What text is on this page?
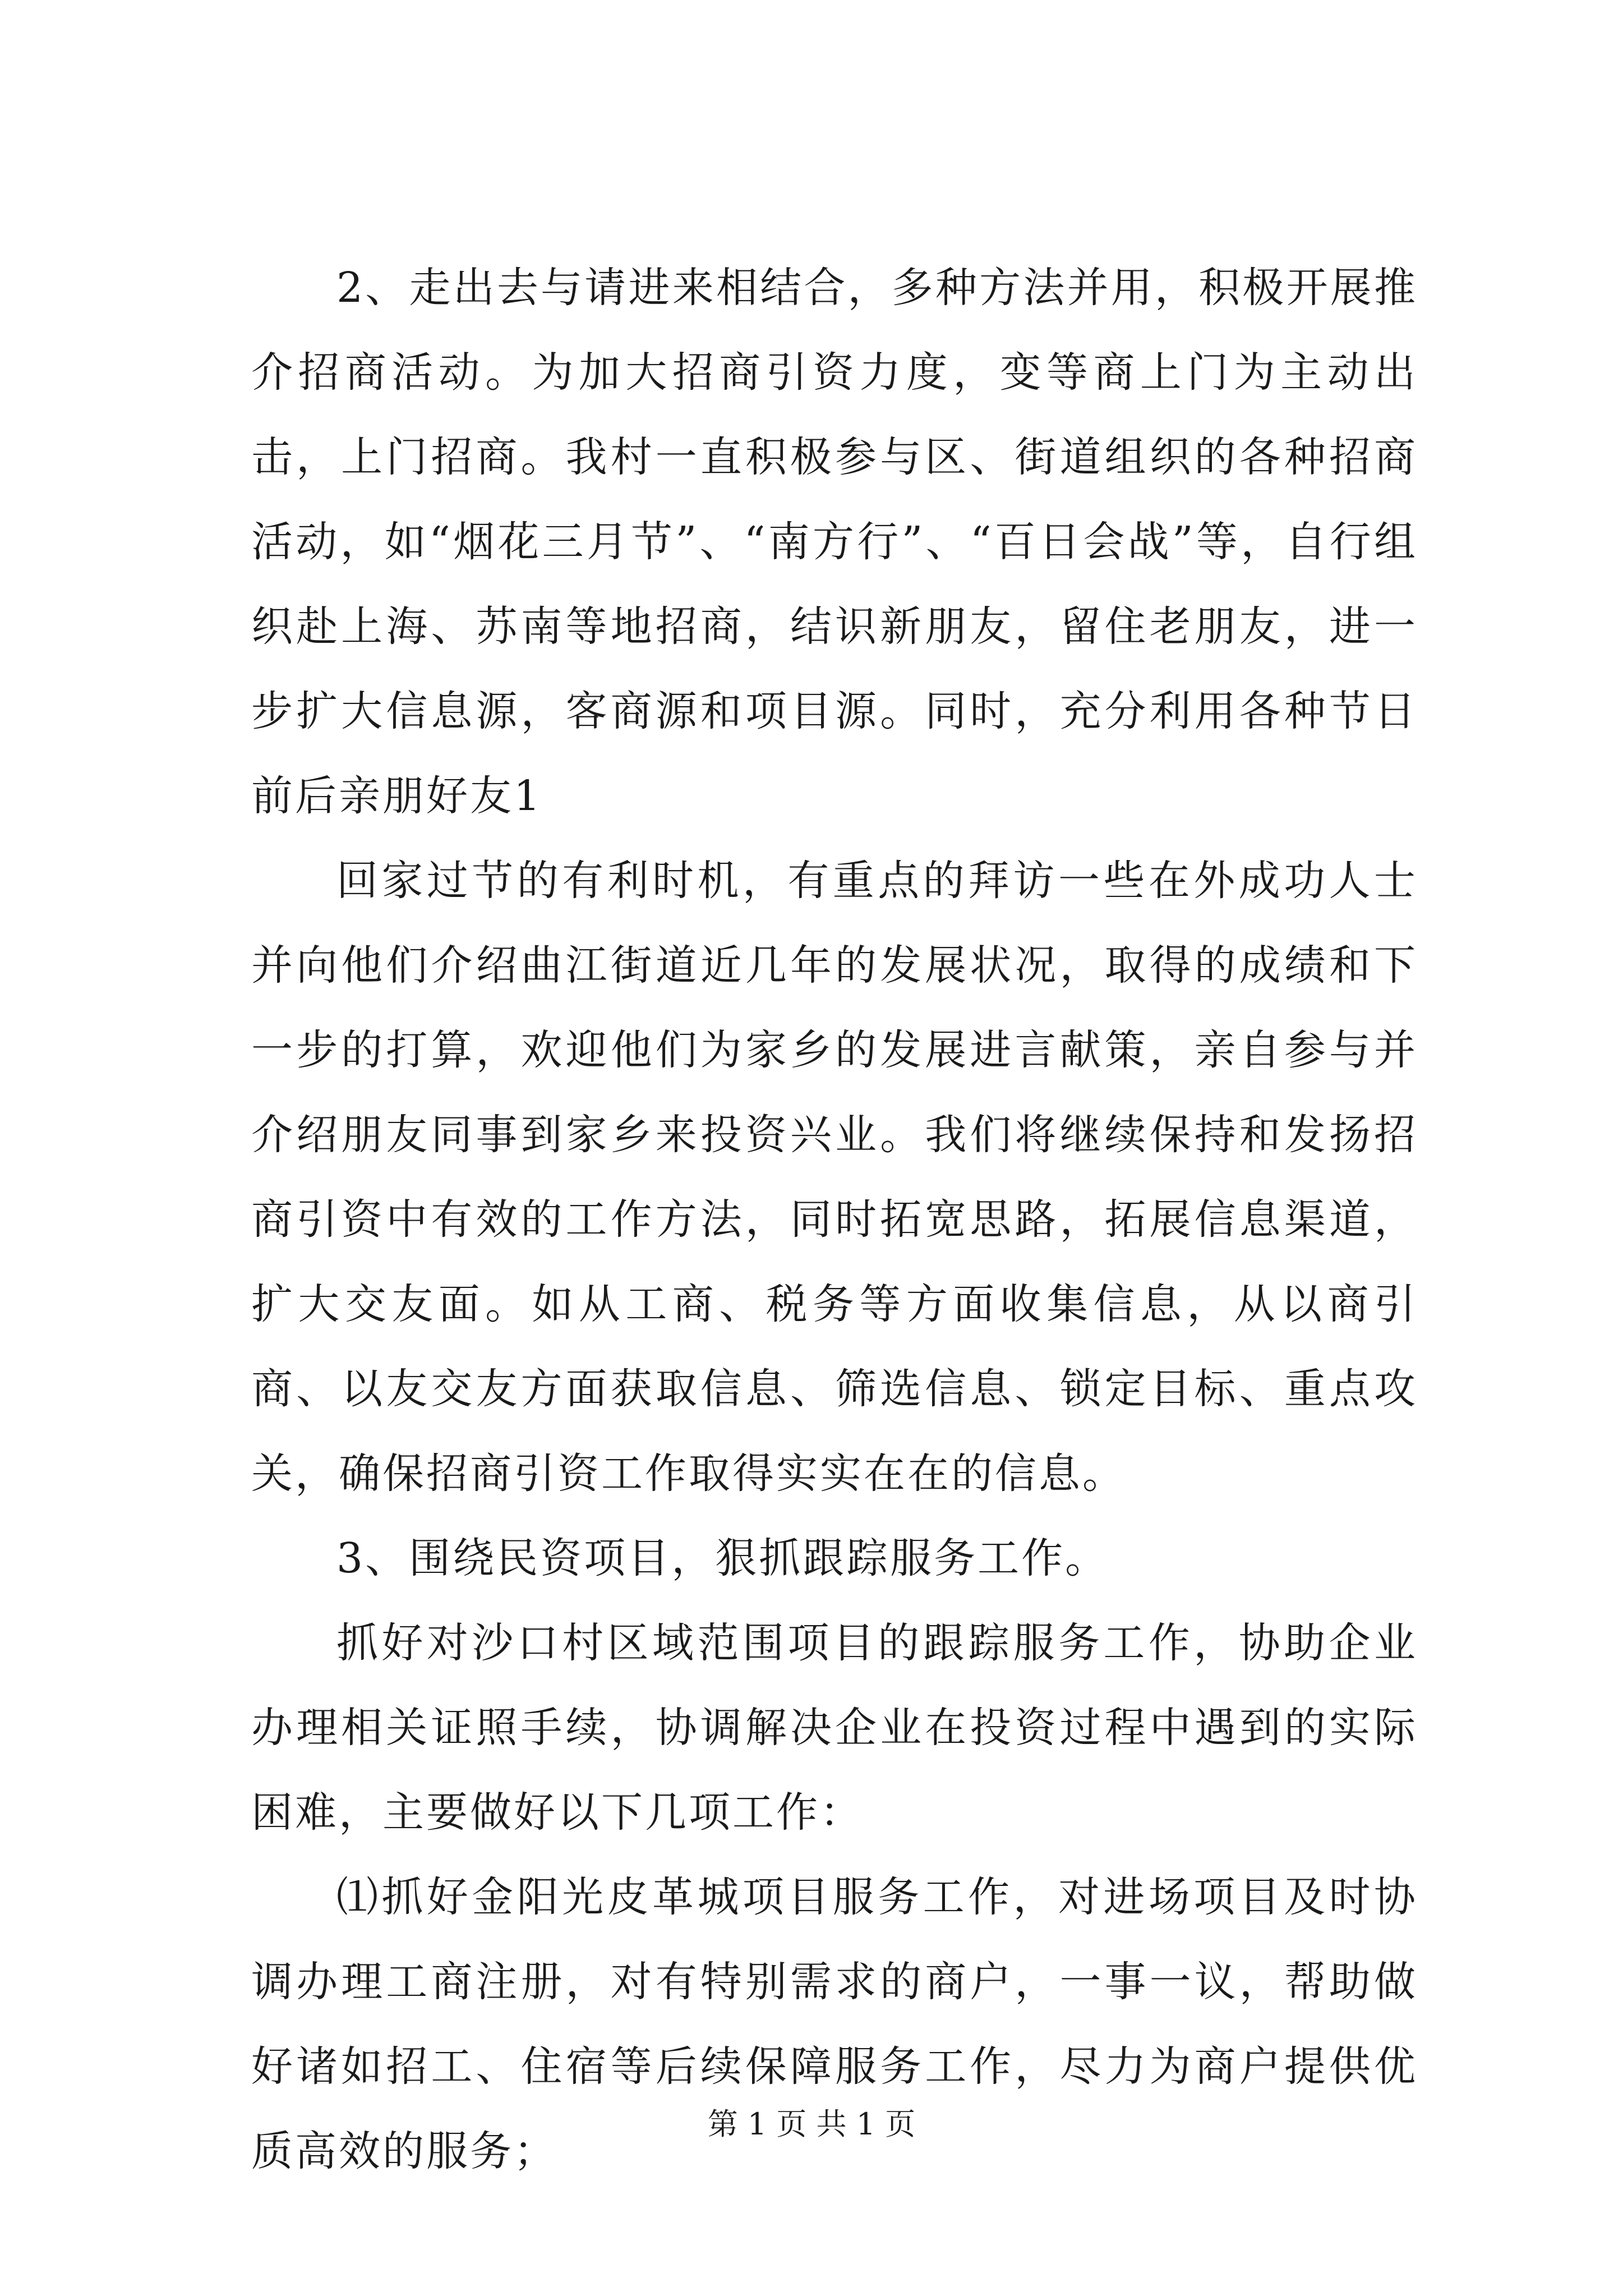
2、走出去与请进来相结合，多种方法并用，积极开展推介招商活动。为加大招商引资力度，变等商上门为主动出击，上门招商。我村一直积极参与区、街道组织的各种招商活动，如“烟花三月节”、“南方行”、“百日会战”等，自行组织赴上海、苏南等地招商，结识新朋友，留住老朋友，进一步扩大信息源，客商源和项目源。同时，充分利用各种节日前后亲朋好友1

回家过节的有利时机，有重点的拜访一些在外成功人士并向他们介绍曲江街道近几年的发展状况，取得的成绩和下一步的打算，欢迎他们为家乡的发展进言献策，亲自参与并介绍朋友同事到家乡来投资兴业。我们将继续保持和发扬招商引资中有效的工作方法，同时拓宽思路，拓展信息渠道，扩大交友面。如从工商、税务等方面收集信息，从以商引商、以友交友方面获取信息、筛选信息、锁定目标、重点攻关，确保招商引资工作取得实实在在的信息。

3、围绕民资项目，狠抓跟踪服务工作。

抓好对沙口村区域范围项目的跟踪服务工作，协助企业办理相关证照手续，协调解决企业在投资过程中遇到的实际困难，主要做好以下几项工作：

⑴抓好金阳光皮革城项目服务工作，对进场项目及时协调办理工商注册，对有特别需求的商户，一事一议，帮助做好诸如招工、住宿等后续保障服务工作，尽力为商户提供优质高效的服务；

第 1 页 共 1 页
